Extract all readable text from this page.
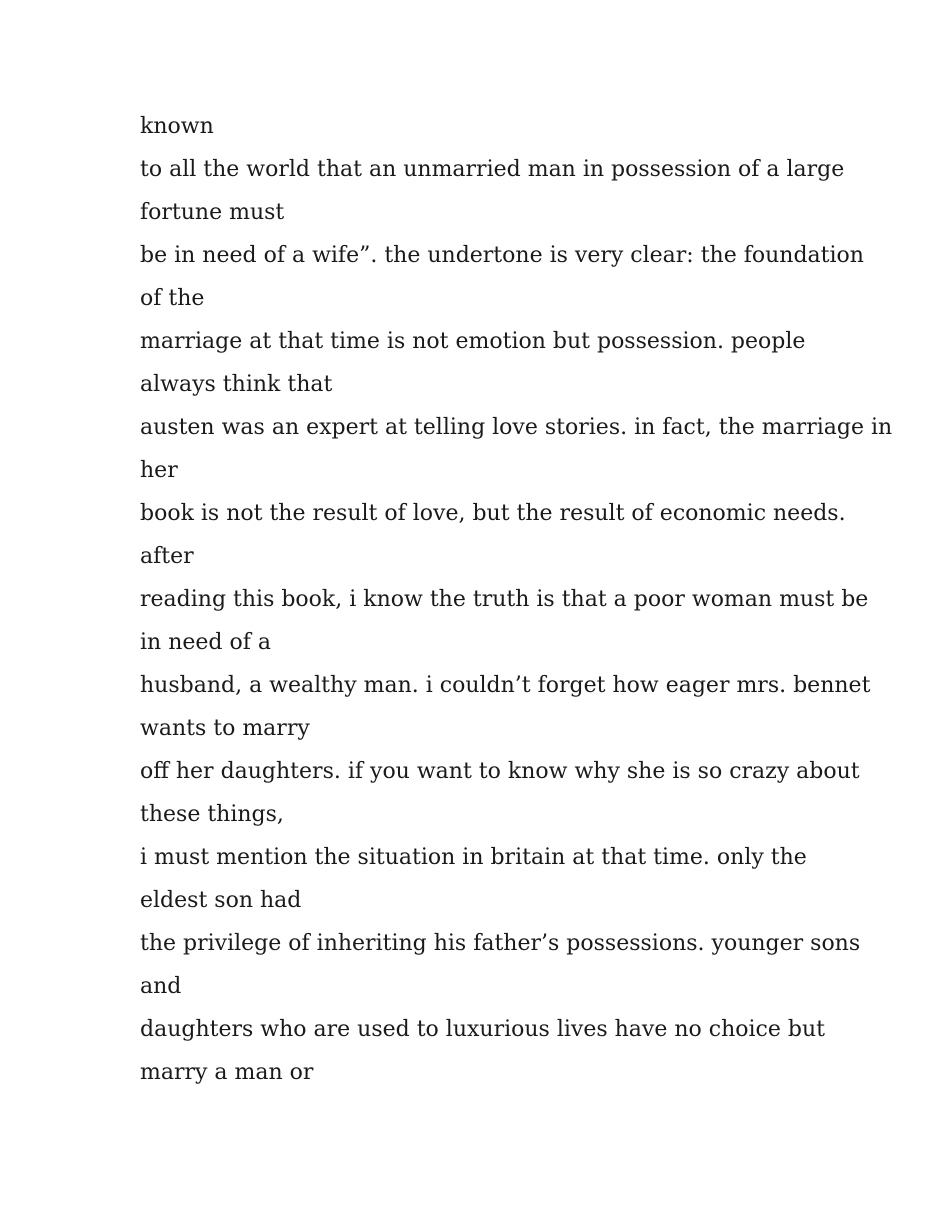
known
to all the world that an unmarried man in possession of a large
fortune must
be in need of a wife”. the undertone is very clear: the foundation
of the
marriage at that time is not emotion but possession. people
always think that
austen was an expert at telling love stories. in fact, the marriage in
her
book is not the result of love, but the result of economic needs.
after
reading this book, i know the truth is that a poor woman must be
in need of a
husband, a wealthy man. i couldn’t forget how eager mrs. bennet
wants to marry
off her daughters. if you want to know why she is so crazy about
these things,
i must mention the situation in britain at that time. only the
eldest son had
the privilege of inheriting his father’s possessions. younger sons
and
daughters who are used to luxurious lives have no choice but
marry a man or
